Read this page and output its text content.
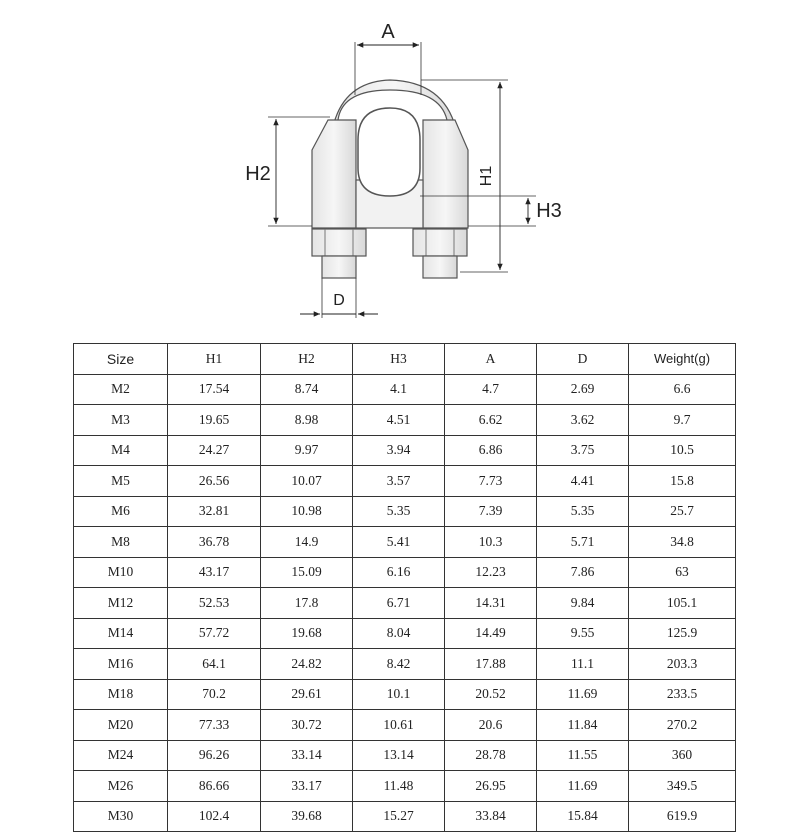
A
H2	H1
H3
D
Size	H1	H2	H3	A	D	Weight(g)
M2	17.54	8.74	4.1	4.7	2.69	6.6
M3	19.65	8.98	4.51	6.62	3.62	9.7
M4	24.27	9.97	3.94	6.86	3.75	10.5
M5	26.56	10.07	3.57	7.73	4.41	15.8
M6	32.81	10.98	5.35	7.39	5.35	25.7
M8	36.78	14.9	5.41	10.3	5.71	34.8
M10	43.17	15.09	6.16	12.23	7.86	63
M12	52.53	17.8	6.71	14.31	9.84	105.1
M14	57.72	19.68	8.04	14.49	9.55	125.9
M16	64.1	24.82	8.42	17.88	11.1	203.3
M18	70.2	29.61	10.1	20.52	11.69	233.5
M20	77.33	30.72	10.61	20.6	11.84	270.2
M24	96.26	33.14	13.14	28.78	11.55	360
M26	86.66	33.17	11.48	26.95	11.69	349.5
M30	102.4	39.68	15.27	33.84	15.84	619.9
